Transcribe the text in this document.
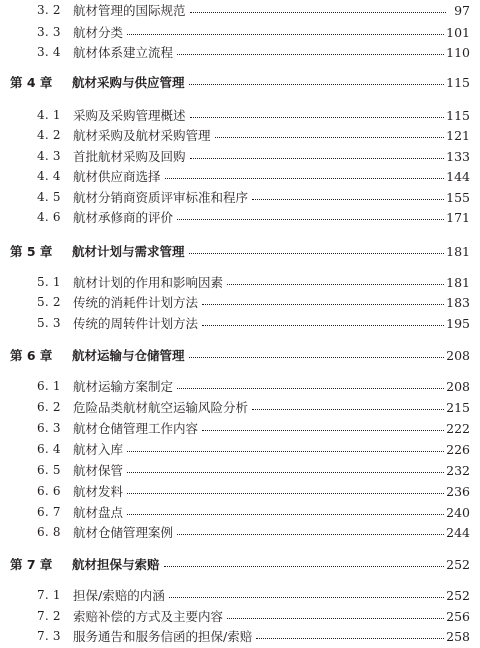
3. 2 航材管理的国际规范	97
3. 3 航材分类	101
3. 4 航材体系建立流程	110
第 4 章 航材采购与供应管理	115
4. 1 采购及采购管理概述	115
4. 2 航材采购及航材采购管理	121
4. 3 首批航材采购及回购	133
4. 4 航材供应商选择	144
4. 5 航材分销商资质评审标准和程序	155
4. 6 航材承修商的评价	171
第 5 章 航材计划与需求管理	181
5. 1 航材计划的作用和影响因素	181
5. 2 传统的消耗件计划方法	183
5. 3 传统的周转件计划方法	195
第 6 章 航材运输与仓储管理	208
6. 1 航材运输方案制定	208
6. 2 危险品类航材航空运输风险分析	215
6. 3 航材仓储管理工作内容	222
6. 4 航材入库	226
6. 5 航材保管	232
6. 6 航材发料	236
6. 7 航材盘点	240
6. 8 航材仓储管理案例	244
第 7 章 航材担保与索赔	252
7. 1 担保/索赔的内涵	252
7. 2 索赔补偿的方式及主要内容	256
7. 3 服务通告和服务信函的担保/索赔	258
